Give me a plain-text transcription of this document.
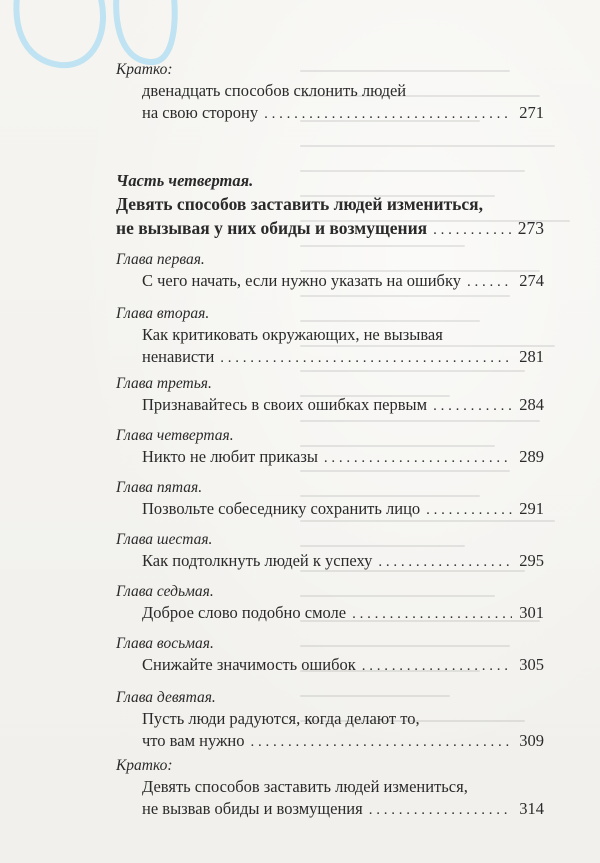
Кратко:
двенадцать способов склонить людей
на свою сторону . . .	271
Часть четвертая.
Девять способов заставить людей измениться,
не вызывая у них обиды и возмущения . . .	273
Глава первая.
С чего начать, если нужно указать на ошибку . . .	274
Глава вторая.
Как критиковать окружающих, не вызывая
ненависти . . .	281
Глава третья.
Признавайтесь в своих ошибках первым . . .	284
Глава четвертая.
Никто не любит приказы . . .	289
Глава пятая.
Позвольте собеседнику сохранить лицо . . .	291
Глава шестая.
Как подтолкнуть людей к успеху . . .	295
Глава седьмая.
Доброе слово подобно смоле . . .	301
Глава восьмая.
Снижайте значимость ошибок . . .	305
Глава девятая.
Пусть люди радуются, когда делают то,
что вам нужно . . .	309
Кратко:
Девять способов заставить людей измениться,
не вызвав обиды и возмущения . . .	314
